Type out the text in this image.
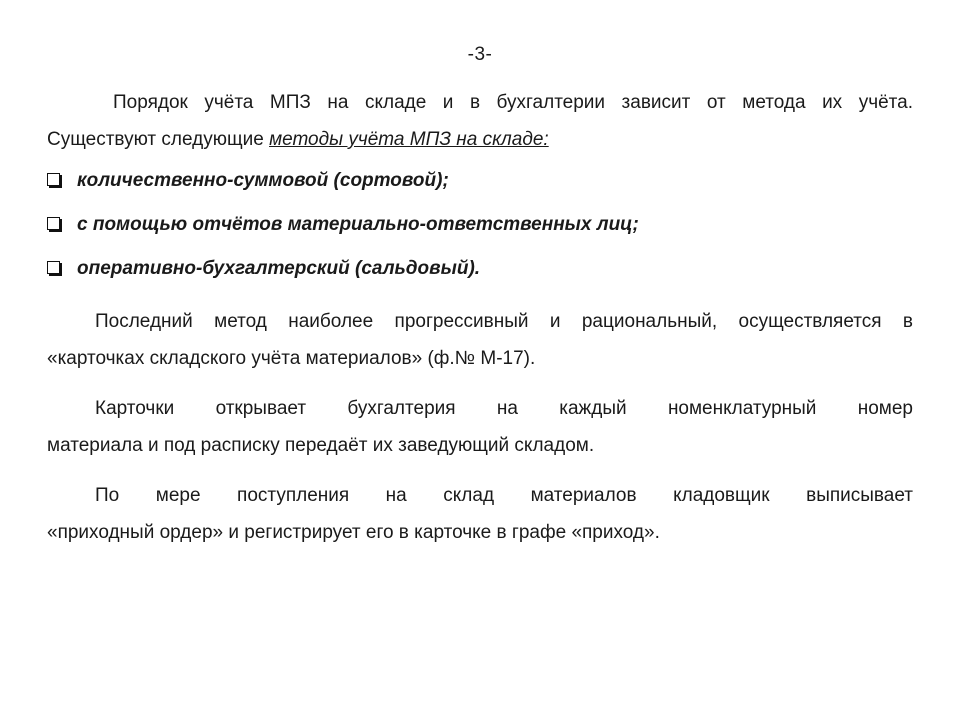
-3-
Порядок учёта МПЗ на складе и в бухгалтерии зависит от метода их учёта.
Существуют следующие методы учёта МПЗ на складе:
количественно-суммовой (сортовой);
с помощью отчётов материально-ответственных лиц;
оперативно-бухгалтерский (сальдовый).
Последний метод наиболее прогрессивный и рациональный, осуществляется в
«карточках складского учёта материалов» (ф.№ М-17).
Карточки открывает бухгалтерия на каждый номенклатурный номер
материала и под расписку передаёт их заведующий складом.
По мере поступления на склад материалов кладовщик выписывает
«приходный ордер» и регистрирует его в карточке в графе «приход».
